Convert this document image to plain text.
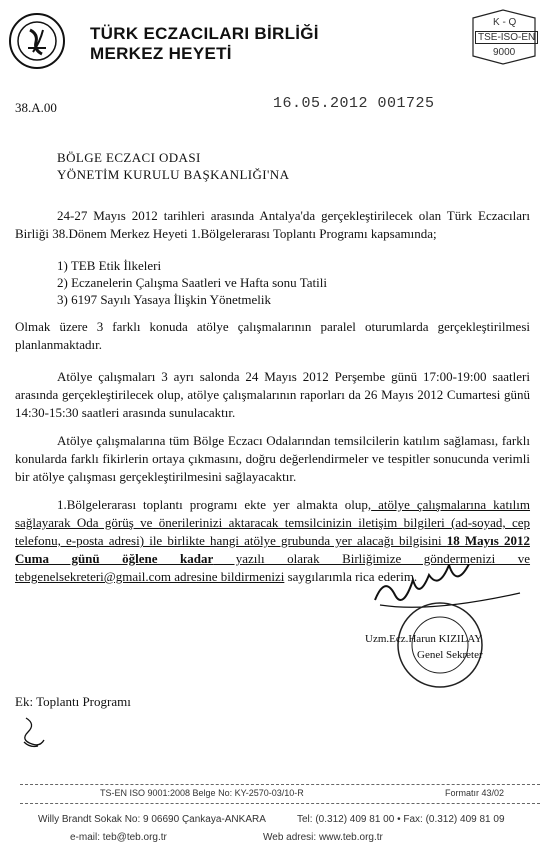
TÜRK ECZACILARI BİRLİĞİ
MERKEZ HEYETİ
K - Q
TSE-ISO-EN
9000
38.A.00	16.05.2012 001725
BÖLGE ECZACI ODASI
YÖNETİM KURULU BAŞKANLIĞI'NA
24-27 Mayıs 2012 tarihleri arasında Antalya'da gerçekleştirilecek olan Türk Eczacıları Birliği 38.Dönem Merkez Heyeti 1.Bölgelerarası Toplantı Programı kapsamında;
1) TEB Etik İlkeleri
2) Eczanelerin Çalışma Saatleri ve Hafta sonu Tatili
3) 6197 Sayılı Yasaya İlişkin Yönetmelik
Olmak üzere 3 farklı konuda atölye çalışmalarının paralel oturumlarda gerçekleştirilmesi planlanmaktadır.
Atölye çalışmaları 3 ayrı salonda 24 Mayıs 2012 Perşembe günü 17:00-19:00 saatleri arasında gerçekleştirilecek olup, atölye çalışmalarının raporları da 26 Mayıs 2012 Cumartesi günü 14:30-15:30 saatleri arasında sunulacaktır.
Atölye çalışmalarına tüm Bölge Eczacı Odalarından temsilcilerin katılım sağlaması, farklı konularda farklı fikirlerin ortaya çıkmasını, doğru değerlendirmeler ve tespitler sonucunda verimli bir atölye çalışması gerçekleştirilmesini sağlayacaktır.
1.Bölgelerarası toplantı programı ekte yer almakta olup, atölye çalışmalarına katılım sağlayarak Oda görüş ve önerilerinizi aktaracak temsilcinizin iletişim bilgileri (ad-soyad, cep telefonu, e-posta adresi) ile birlikte hangi atölye grubunda yer alacağı bilgisini 18 Mayıs 2012 Cuma günü öğlene kadar yazılı olarak Birliğimize göndermenizi ve tebgenelsekreteri@gmail.com adresine bildirmenizi saygılarımla rica ederim.
Uzm.Ecz.Harun KIZILAY
Genel Sekreter
Ek: Toplantı Programı
TS-EN ISO 9001:2008 Belge No: KY-2570-03/10-R	Formatır 43/02
Willy Brandt Sokak No: 9 06690 Çankaya-ANKARA	Tel: (0.312) 409 81 00 • Fax: (0.312) 409 81 09
e-mail: teb@teb.org.tr	Web adresi: www.teb.org.tr
